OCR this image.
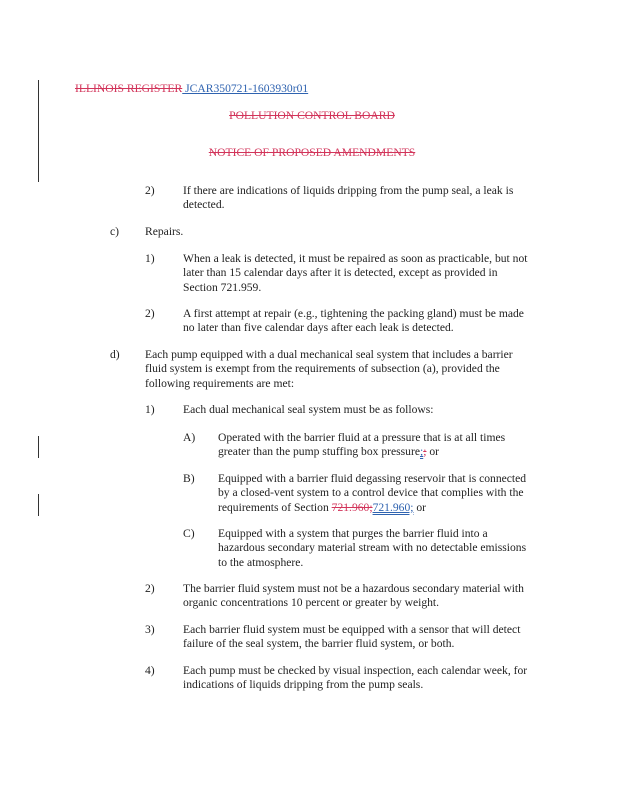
ILLINOIS REGISTER JCAR350721-1603930r01
POLLUTION CONTROL BOARD
NOTICE OF PROPOSED AMENDMENTS
2) If there are indications of liquids dripping from the pump seal, a leak is
detected.
c) Repairs.
1) When a leak is detected, it must be repaired as soon as practicable, but not
later than 15 calendar days after it is detected, except as provided in
Section 721.959.
2) A first attempt at repair (e.g., tightening the packing gland) must be made
no later than five calendar days after each leak is detected.
d) Each pump equipped with a dual mechanical seal system that includes a barrier
fluid system is exempt from the requirements of subsection (a), provided the
following requirements are met:
1) Each dual mechanical seal system must be as follows:
A) Operated with the barrier fluid at a pressure that is at all times
greater than the pump stuffing box pressure;; or
B) Equipped with a barrier fluid degassing reservoir that is connected
by a closed-vent system to a control device that complies with the
requirements of Section 721.960;721.960; or
C) Equipped with a system that purges the barrier fluid into a
hazardous secondary material stream with no detectable emissions
to the atmosphere.
2) The barrier fluid system must not be a hazardous secondary material with
organic concentrations 10 percent or greater by weight.
3) Each barrier fluid system must be equipped with a sensor that will detect
failure of the seal system, the barrier fluid system, or both.
4) Each pump must be checked by visual inspection, each calendar week, for
indications of liquids dripping from the pump seals.
